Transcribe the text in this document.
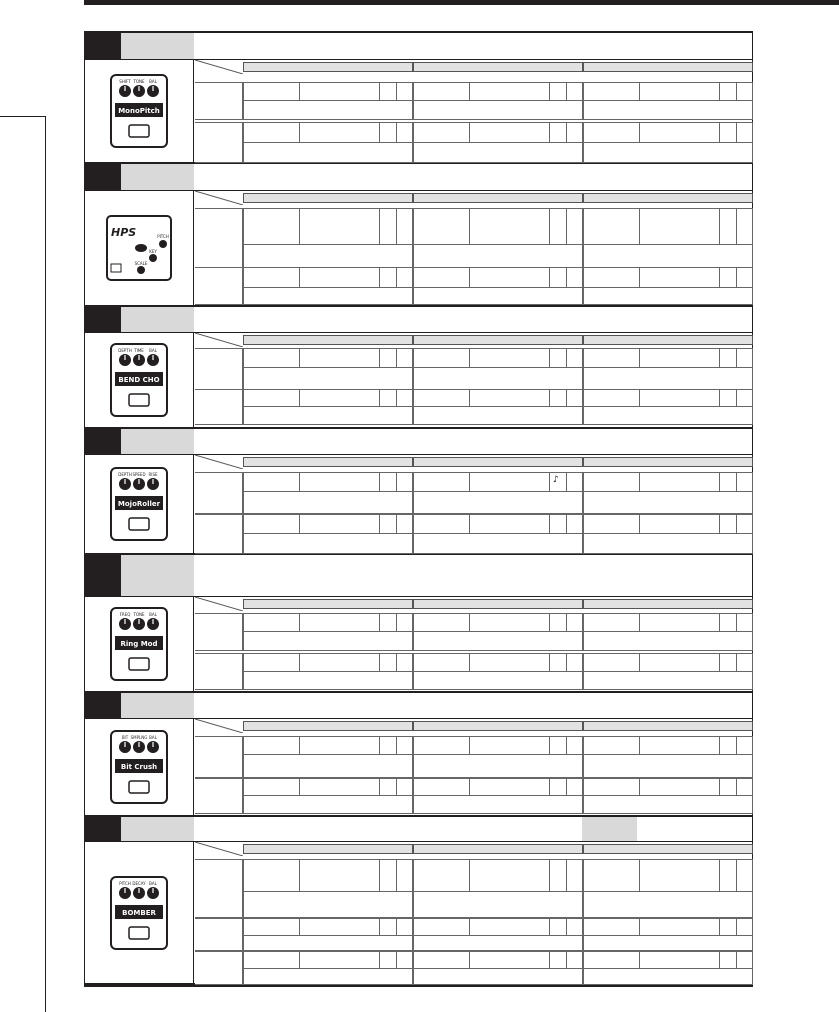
SHIFT TONE BAL
MonoPitch
HPS	PITCH
KEY
SCALE
DEPTH TIME BAL
BEND CHO
DEPTH SPEED RISE
MojoRoller
♪
FREQ TONE BAL
Ring Mod
BIT SMPLNG BAL
Bit Crush
PITCH DECAY BAL
BOMBER
